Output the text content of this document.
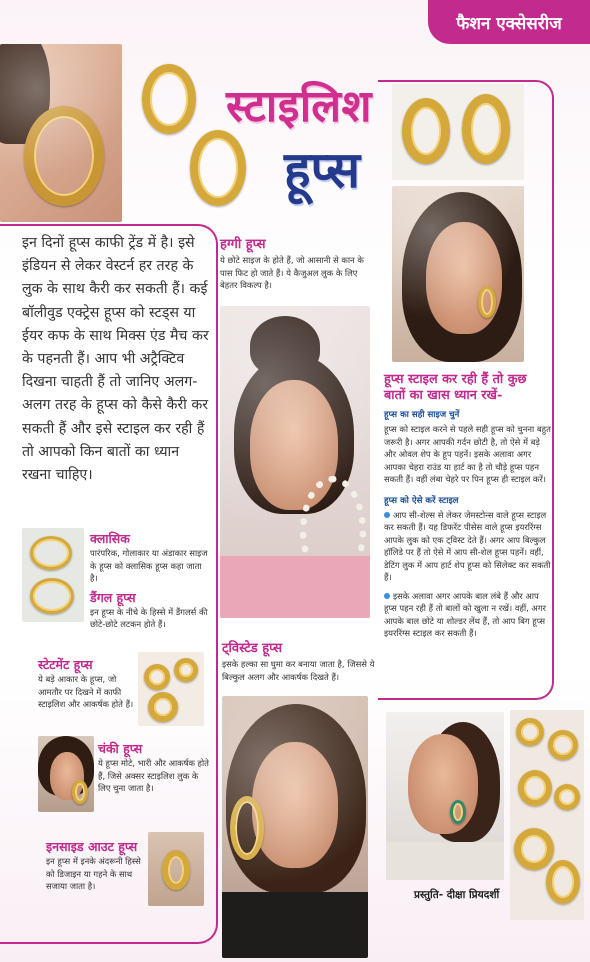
फैशन एक्सेसरीज
स्टाइलिश
हूप्स
इन दिनों हूप्स काफी ट्रेंड में है। इसे इंडियन से लेकर वेस्टर्न हर तरह के लुक के साथ कैरी कर सकती हैं। कई बॉलीवुड एक्ट्रेस हूप्स को स्टड्स या ईयर कफ के साथ मिक्स एंड मैच कर के पहनती हैं। आप भी अट्रैक्टिव दिखना चाहती हैं तो जानिए अलग-अलग तरह के हूप्स को कैसे कैरी कर सकती हैं और इसे स्टाइल कर रही हैं तो आपको किन बातों का ध्यान रखना चाहिए।
हग्गी हूप्स
ये छोटे साइज के होते हैं, जो आसानी से कान के पास फिट हो जाते हैं। ये कैजुअल लुक के लिए बेहतर विकल्प है।
ट्विस्टेड हूप्स
इसके हल्का सा घुमा कर बनाया जाता है, जिससे ये बिल्कुल अलग और आकर्षक दिखते हैं।
हूप्स स्टाइल कर रही हैं तो कुछ बातों का खास ध्यान रखें-
हूप्स का सही साइज चुनें
हूप्स को स्टाइल करने से पहले सही हूप्स को चुनना बहुत जरूरी है। अगर आपकी गर्दन छोटी है, तो ऐसे में बड़े और ओवल शेप के हूप पहनें। इसके अलावा अगर आपका चेहरा राउंड या हार्ट का है तो चौड़े हूप्स पहन सकती हैं। वहीं लंबा चेहरे पर पिन हूप्स ही स्टाइल करें।
हूप्स को ऐसे करें स्टाइल
आप सी-शेल्स से लेकर जेमस्टोन्स वाले हूप्स स्टाइल कर सकती हैं। यह डिफरेंट पीसेस वाले हूप्स इयररिंग्स आपके लुक को एक ट्विस्ट देते हैं। अगर आप बिल्कुल हॉलिडे पर हैं तो ऐसे में आप सी-शेल हूप्स पहनें। वहीं, डेटिंग लुक में आप हार्ट शेप हूप्स को सिलेक्ट कर सकती हैं।
इसके अलावा अगर आपके बाल लंबे हैं और आप हूप्स पहन रही हैं तो बालों को खुला न रखें। वहीं, अगर आपके बाल छोटे या शोल्डर लेंथ हैं, तो आप बिग हूप्स इयररिंग्स स्टाइल कर सकती हैं।
प्रस्तुति- दीक्षा प्रियदर्शी
क्लासिक
पारंपरिक, गोलाकार या अंडाकार साइज के हूप्स को क्लासिक हूप्स कहा जाता है।
डैंगल हूप्स
इन हूप्स के नीचे के हिस्से में डैंगलर्स की छोटे-छोटे लटकन होते हैं।
स्टेटमेंट हूप्स
ये बड़े आकार के हूप्स, जो आमतौर पर दिखने में काफी स्टाइलिश और आकर्षक होते हैं।
चंकी हूप्स
ये हूप्स मोटे, भारी और आकर्षक होते हैं, जिसे अक्सर स्टाइलिश लुक के लिए चुना जाता है।
इनसाइड आउट हूप्स
इन हूप्स में इनके अंदरूनी हिस्से को डिजाइन या गहने के साथ सजाया जाता है।
